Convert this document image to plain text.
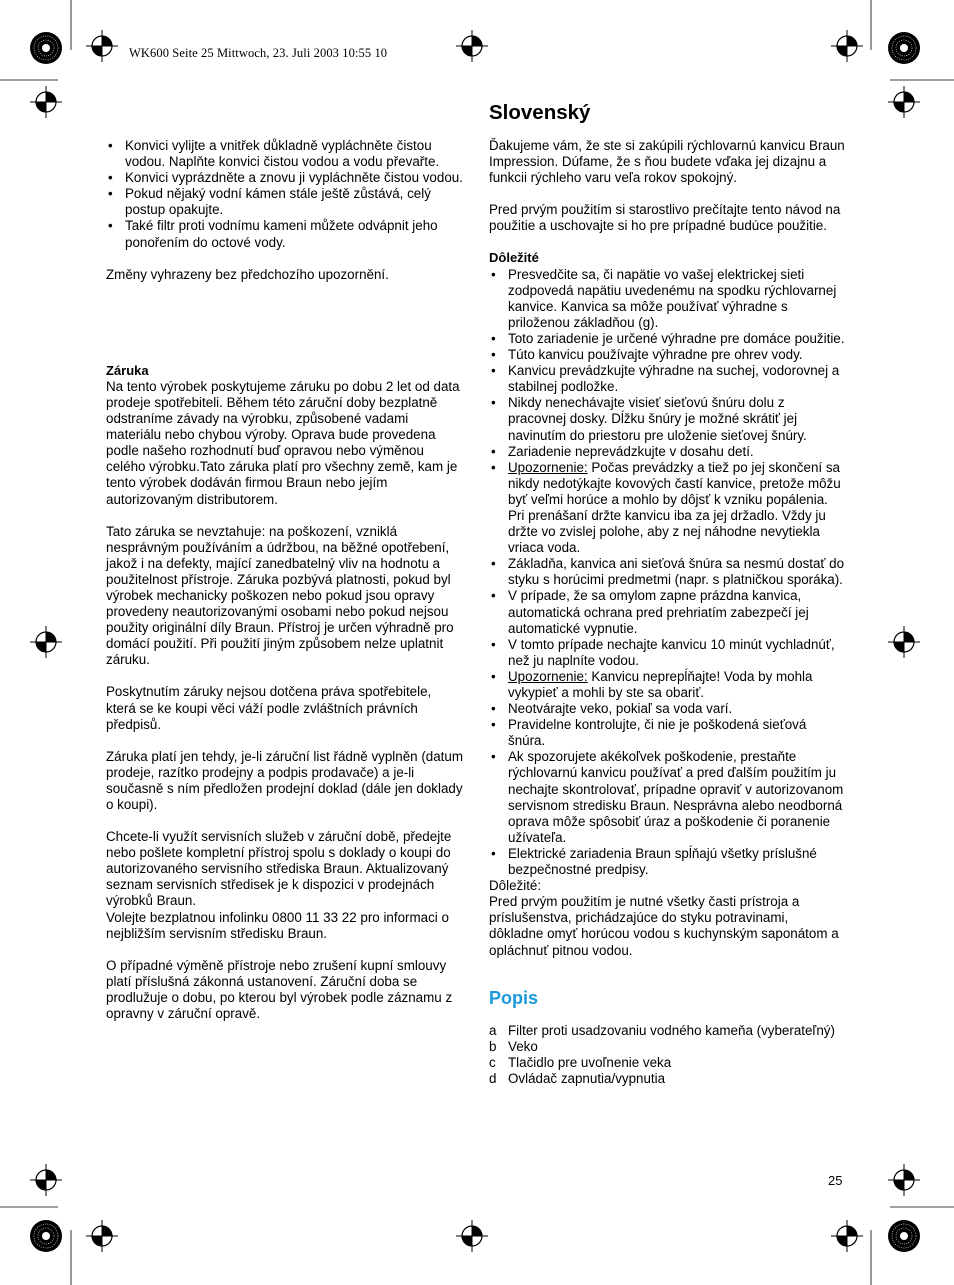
WK600 Seite 25 Mittwoch, 23. Juli 2003 10:55 10
• Konvici vylijte a vnitřek důkladně vypláchněte čistou vodou. Naplňte konvici čistou vodou a vodu převařte.
• Konvici vyprázdněte a znovu ji vypláchněte čistou vodou.
• Pokud nějaký vodní kámen stále ještě zůstává, celý postup opakujte.
• Také filtr proti vodnímu kameni můžete odvápnit jeho ponořením do octové vody.

Změny vyhrazeny bez předchozího upozornění.

Záruka

Na tento výrobek poskytujeme záruku po dobu 2 let od data prodeje spotřebiteli. Během této záruční doby bezplatně odstraníme závady na výrobku, způsobené vadami materiálu nebo chybou výroby. Oprava bude provedena podle našeho rozhodnutí buď opravou nebo výměnou celého výrobku.Tato záruka platí pro všechny země, kam je tento výrobek dodáván firmou Braun nebo jejím autorizovaným distributorem.

Tato záruka se nevztahuje: na poškození, vzniklá nesprávným používáním a údržbou, na běžné opotřebení, jakož i na defekty, mající zanedbatelný vliv na hodnotu a použitelnost přístroje. Záruka pozbývá platnosti, pokud byl výrobek mechanicky poškozen nebo pokud jsou opravy provedeny neautorizovanými osobami nebo pokud nejsou použity originální díly Braun. Přístroj je určen výhradně pro domácí použití. Při použití jiným způsobem nelze uplatnit záruku.

Poskytnutím záruky nejsou dotčena práva spotřebitele, která se ke koupi věci váží podle zvláštních právních předpisů.

Záruka platí jen tehdy, je-li záruční list řádně vyplněn (datum prodeje, razítko prodejny a podpis prodavače) a je-li současně s ním předložen prodejní doklad (dále jen doklady o koupi).

Chcete-li využít servisních služeb v záruční době, předejte nebo pošlete kompletní přístroj spolu s doklady o koupi do autorizovaného servisního střediska Braun. Aktualizovaný seznam servisních středisek je k dispozici v prodejnách výrobků Braun.

Volejte bezplatnou infolinku 0800 11 33 22 pro informaci o nejbližším servisním středisku Braun.

O případné výměně přístroje nebo zrušení kupní smlouvy platí příslušná zákonná ustanovení. Záruční doba se prodlužuje o dobu, po kterou byl výrobek podle záznamu z opravny v záruční opravě.

Slovenský

Ďakujeme vám, že ste si zakúpili rýchlovarnú kanvicu Braun Impression. Dúfame, že s ňou budete vďaka jej dizajnu a funkcii rýchleho varu veľa rokov spokojný.

Pred prvým použitím si starostlivo prečítajte tento návod na použitie a uschovajte si ho pre prípadné budúce použitie.

Dôležité

• Presvedčite sa, či napätie vo vašej elektrickej sieti zodpovedá napätiu uvedenému na spodku rýchlovarnej kanvice. Kanvica sa môže používať výhradne s priloženou základňou (g).
• Toto zariadenie je určené výhradne pre domáce použitie.
• Túto kanvicu používajte výhradne pre ohrev vody.
• Kanvicu prevádzkujte výhradne na suchej, vodorovnej a stabilnej podložke.
• Nikdy nenechávajte visieť sieťovú šnúru dolu z pracovnej dosky. Dĺžku šnúry je možné skrátiť jej navinutím do priestoru pre uloženie sieťovej šnúry.
• Zariadenie neprevádzkujte v dosahu detí.
• Upozornenie: Počas prevádzky a tiež po jej skončení sa nikdy nedotýkajte kovových častí kanvice, pretože môžu byť veľmi horúce a mohlo by dôjsť k vzniku popálenia. Pri prenášaní držte kanvicu iba za jej držadlo. Vždy ju držte vo zvislej polohe, aby z nej náhodne nevytiekla vriaca voda.
• Základňa, kanvica ani sieťová šnúra sa nesmú dostať do styku s horúcimi predmetmi (napr. s platničkou sporáka).
• V prípade, že sa omylom zapne prázdna kanvica, automatická ochrana pred prehriatím zabezpečí jej automatické vypnutie.
• V tomto prípade nechajte kanvicu 10 minút vychladnúť, než ju naplníte vodou.
• Upozornenie: Kanvicu neprepĺňajte! Voda by mohla vykypieť a mohli by ste sa obariť.
• Neotvárajte veko, pokiaľ sa voda varí.
• Pravidelne kontrolujte, či nie je poškodená sieťová šnúra.
• Ak spozorujete akékoľvek poškodenie, prestaňte rýchlovarnú kanvicu používať a pred ďalším použitím ju nechajte skontrolovať, prípadne opraviť v autorizovanom servisnom stredisku Braun. Nesprávna alebo neodborná oprava môže spôsobiť úraz a poškodenie či poranenie užívateľa.
• Elektrické zariadenia Braun spĺňajú všetky príslušné bezpečnostné predpisy.

Dôležité:

Pred prvým použitím je nutné všetky časti prístroja a príslušenstva, prichádzajúce do styku potravinami, dôkladne omyť horúcou vodou s kuchynským saponátom a opláchnuť pitnou vodou.

Popis

a Filter proti usadzovaniu vodného kameňa (vyberateľný)
b Veko
c Tlačidlo pre uvoľnenie veka
d Ovládač zapnutia/vypnutia
25
